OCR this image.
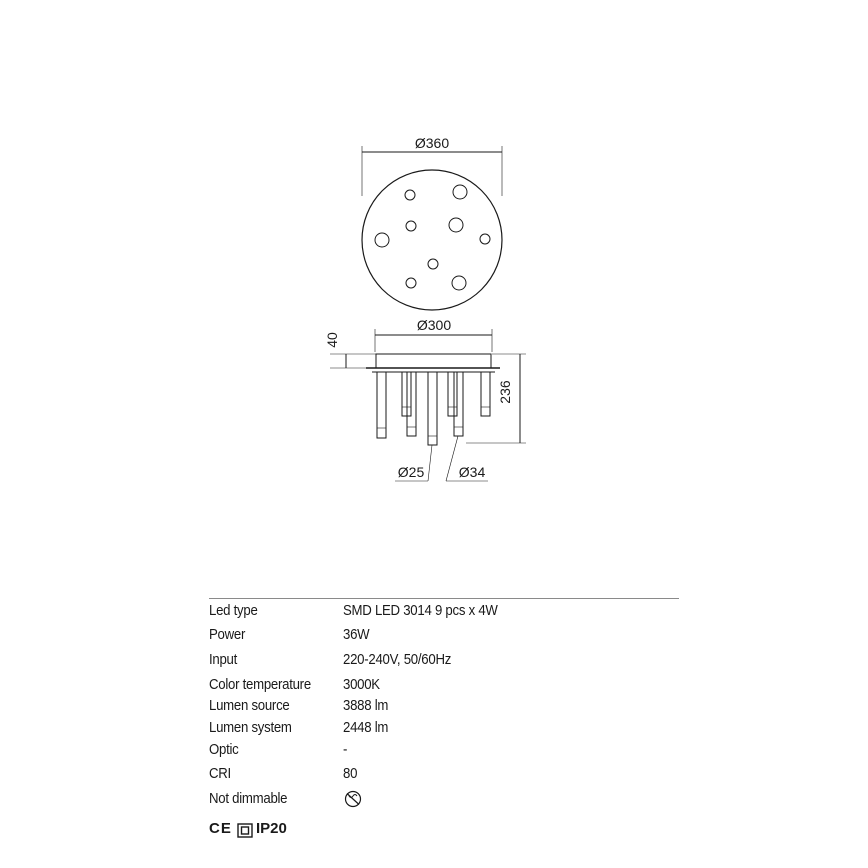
Ø360
Ø300
40
236
Ø25 Ø34
Led type	SMD LED 3014 9 pcs x 4W
Power	36W
Input	220-240V, 50/60Hz
Color temperature 3000K
Lumen source	3888 lm
Lumen system	2448 lm
Optic	-
CRI	80
Not dimmable
CE IP20
